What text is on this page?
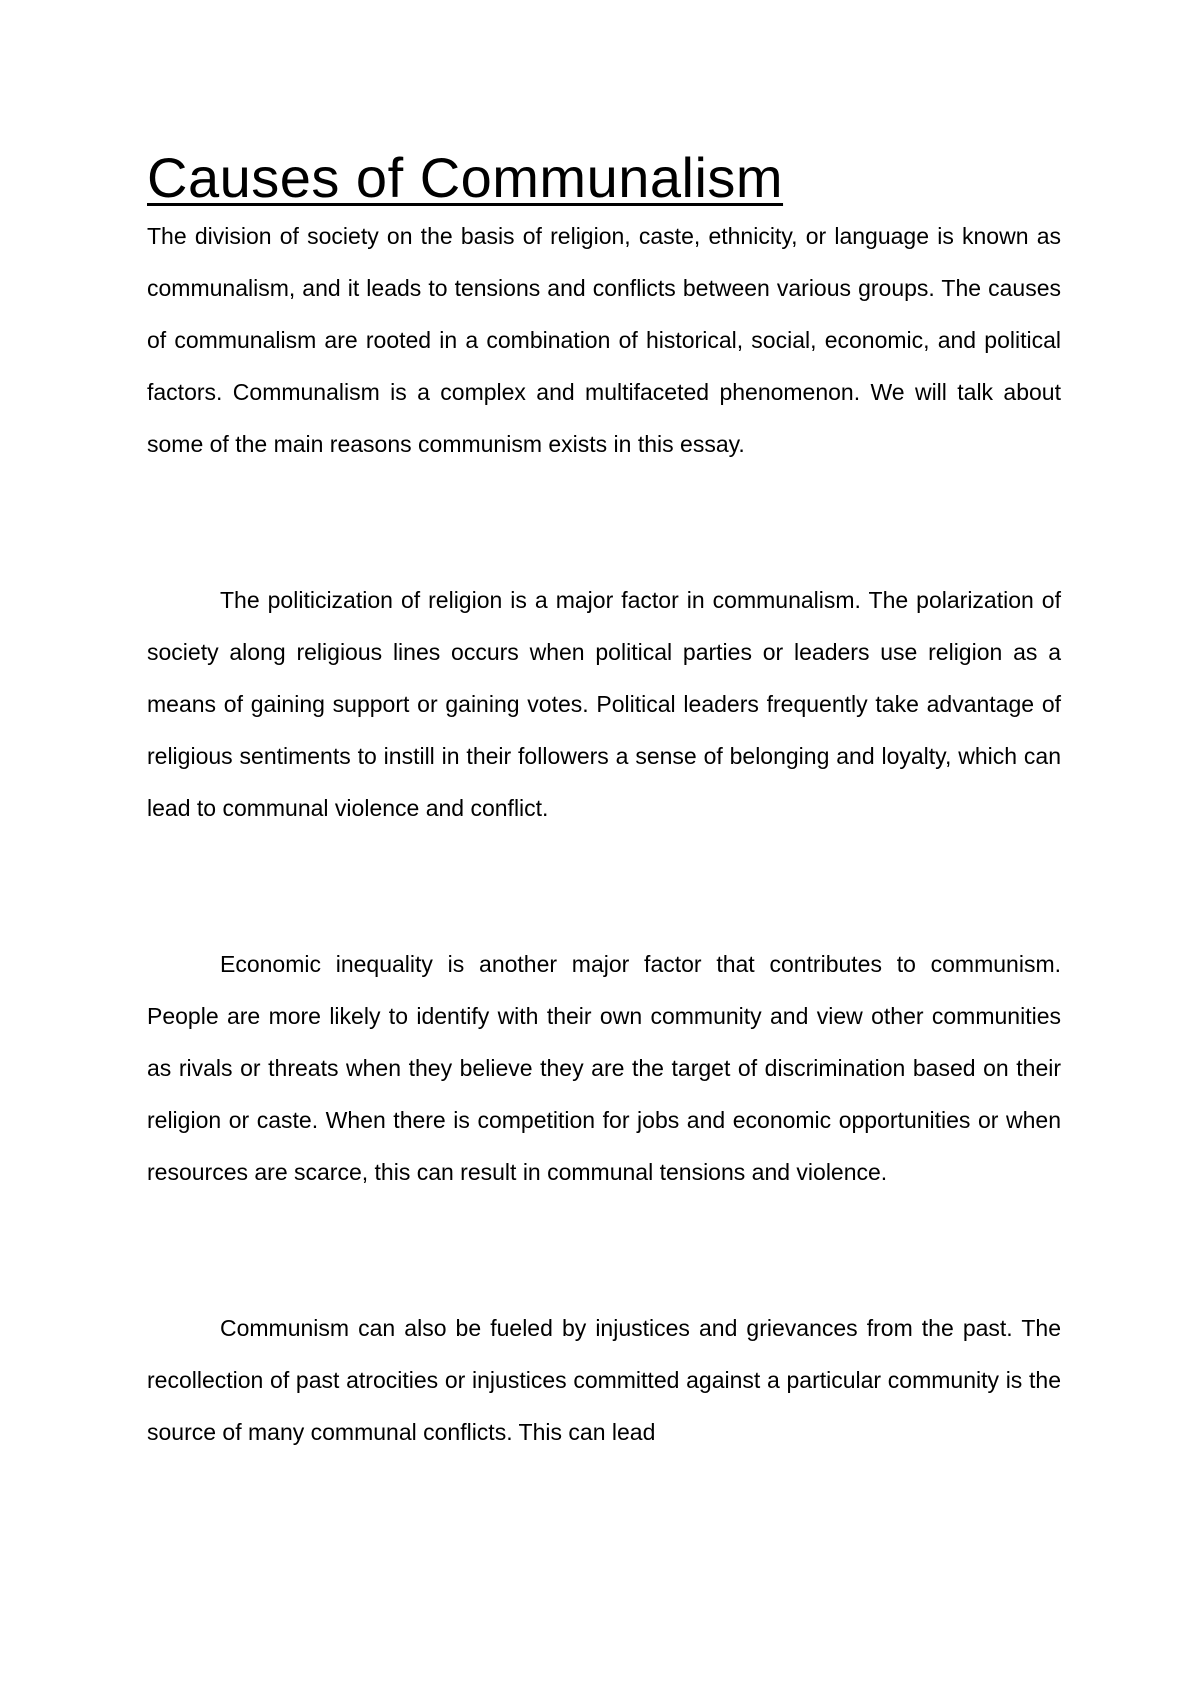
Causes of Communalism

The division of society on the basis of religion, caste, ethnicity, or language is known as communalism, and it leads to tensions and conflicts between various groups. The causes of communalism are rooted in a combination of historical, social, economic, and political factors. Communalism is a complex and multifaceted phenomenon. We will talk about some of the main reasons communism exists in this essay.

The politicization of religion is a major factor in communalism. The polarization of society along religious lines occurs when political parties or leaders use religion as a means of gaining support or gaining votes. Political leaders frequently take advantage of religious sentiments to instill in their followers a sense of belonging and loyalty, which can lead to communal violence and conflict.

Economic inequality is another major factor that contributes to communism. People are more likely to identify with their own community and view other communities as rivals or threats when they believe they are the target of discrimination based on their religion or caste. When there is competition for jobs and economic opportunities or when resources are scarce, this can result in communal tensions and violence.

Communism can also be fueled by injustices and grievances from the past. The recollection of past atrocities or injustices committed against a particular community is the source of many communal conflicts. This can lead
